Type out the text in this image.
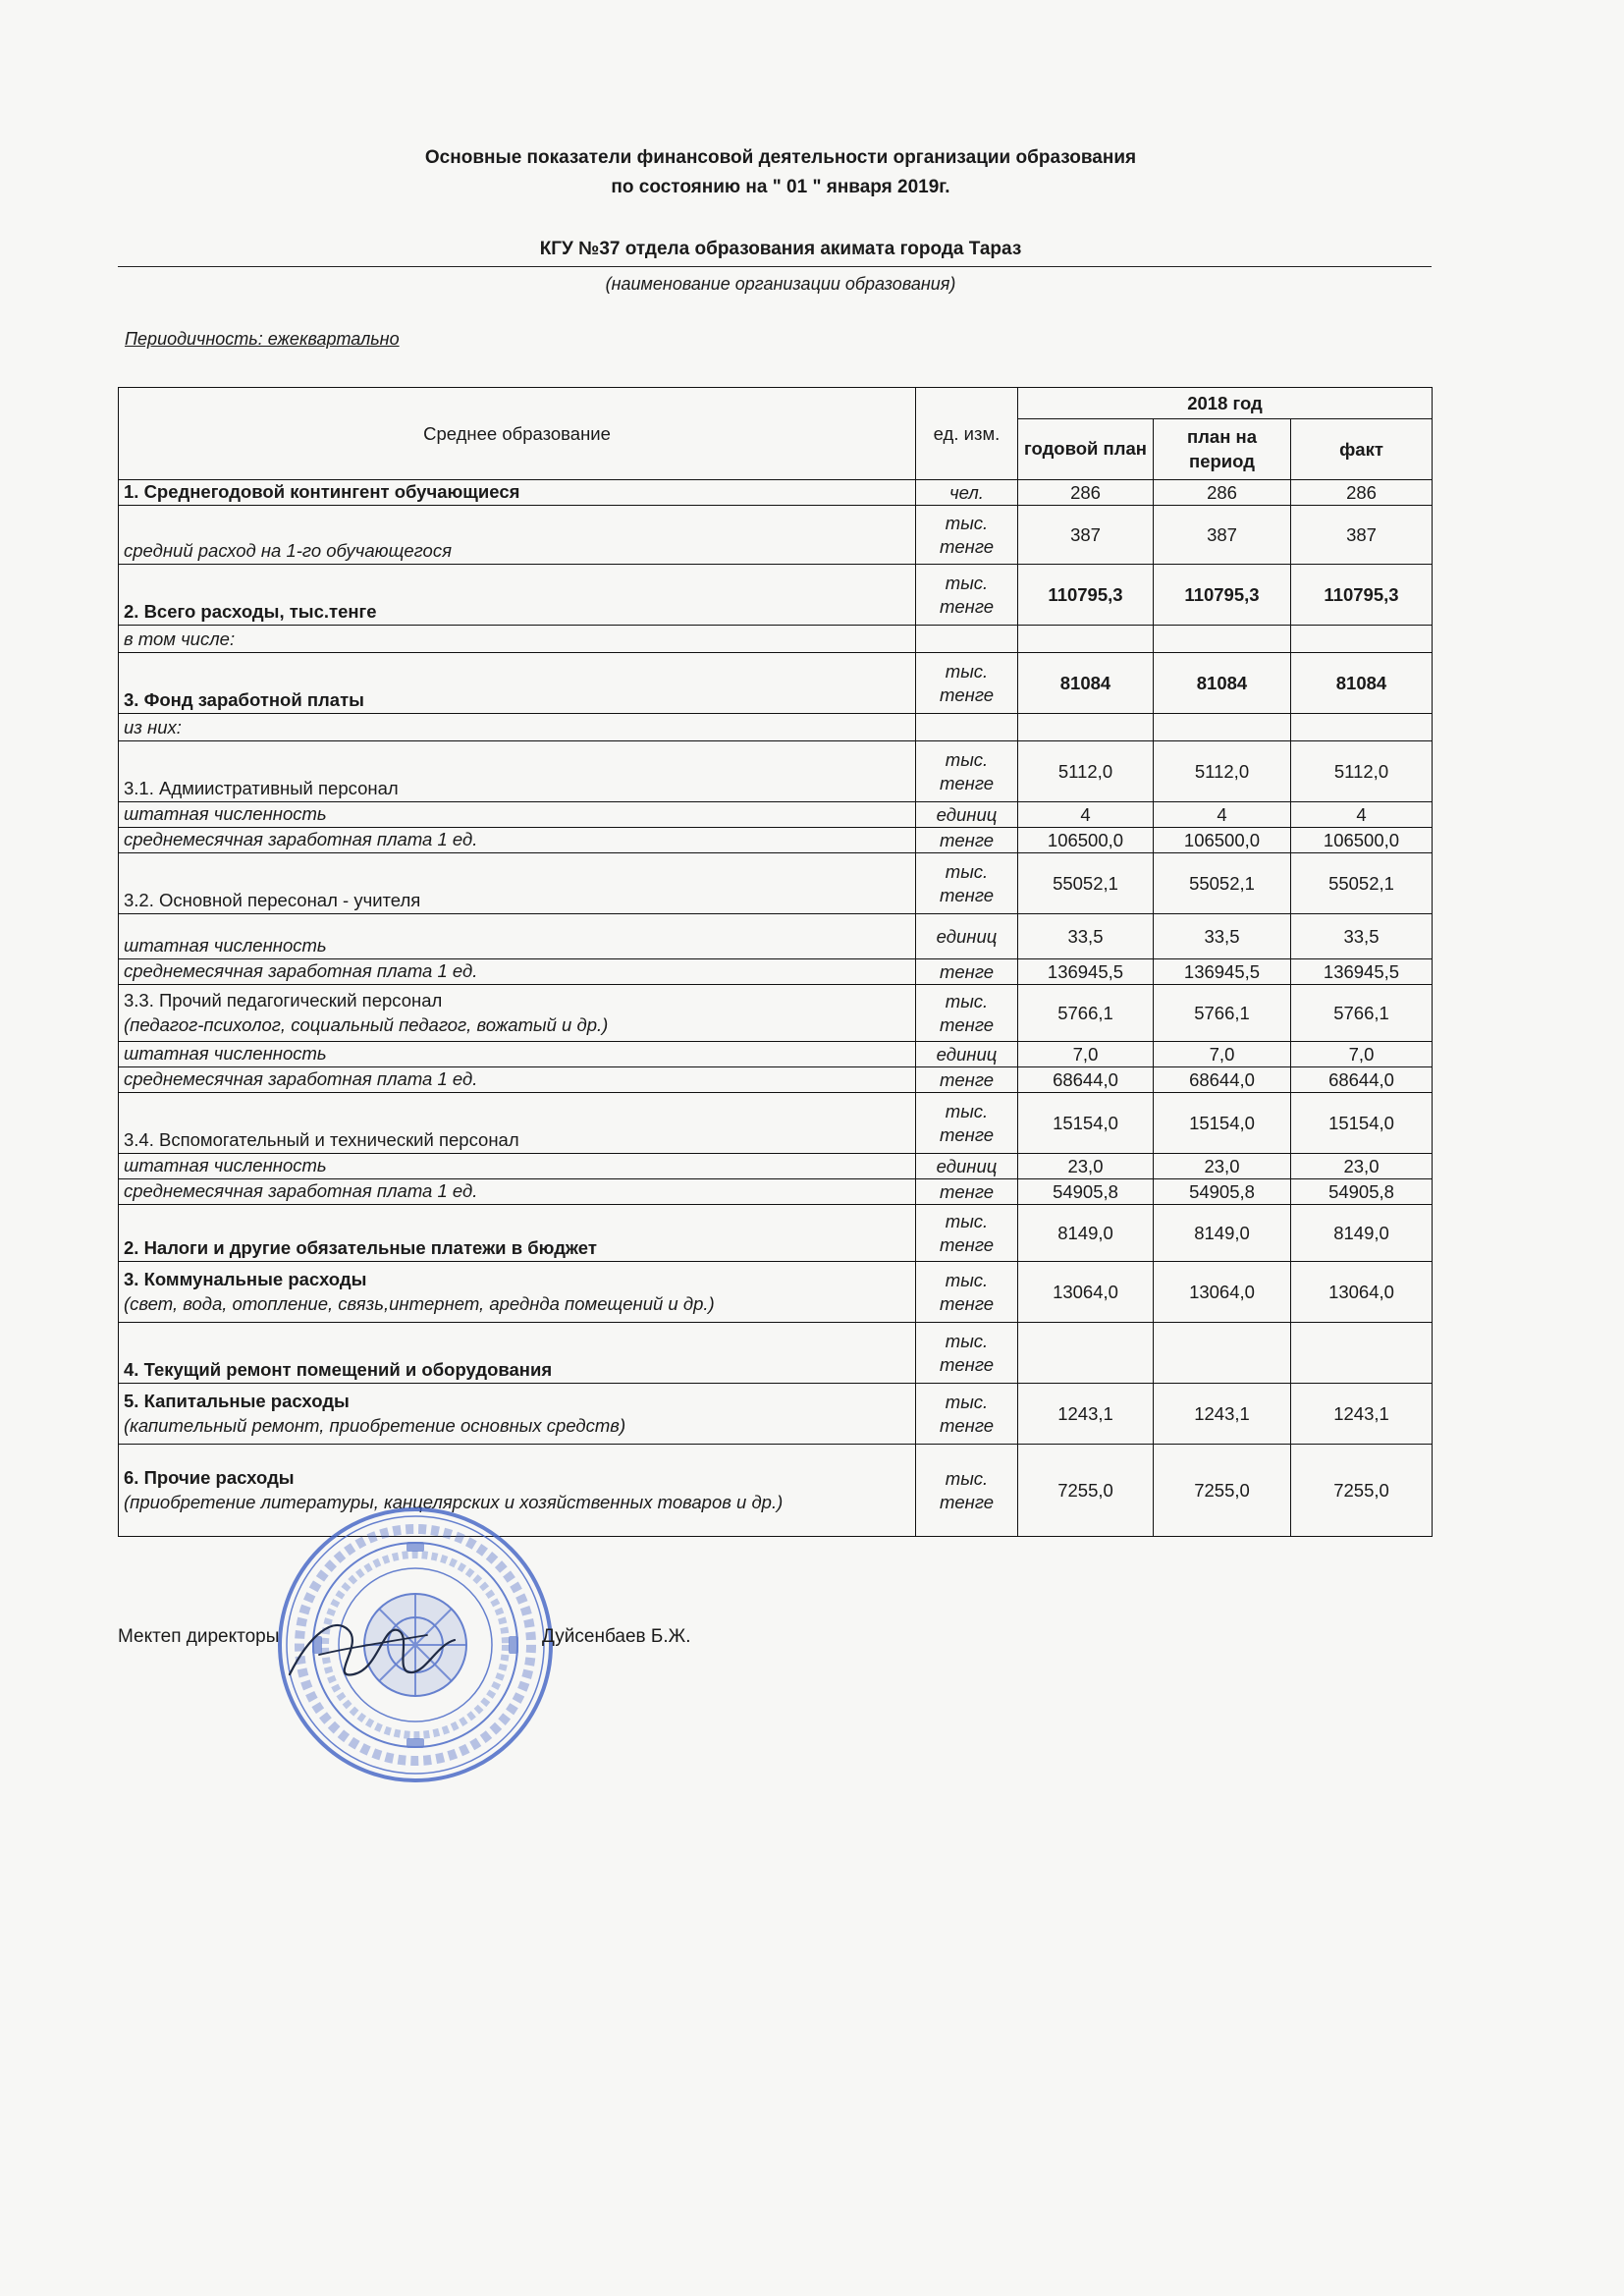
Основные показатели финансовой деятельности организации образования
по состоянию на " 01 " января 2019г.
КГУ №37 отдела образования акимата города Тараз
(наименование организации образования)
Периодичность: ежеквартально
Среднее образование	ед. изм.	2018 год		
		годовой план	план на период	факт
1. Среднегодовой контингент обучающиеся	чел.	286	286	286
средний расход на 1-го обучающегося	тыс. тенге	387	387	387
2. Всего расходы, тыс.тенге	тыс. тенге	110795,3	110795,3	110795,3
в том числе:				
3. Фонд заработной платы	тыс. тенге	81084	81084	81084
из них:				
3.1. Адмииcтративный персонал	тыс. тенге	5112,0	5112,0	5112,0
штатная численность	единиц	4	4	4
среднемесячная заработная плата 1 ед.	тенге	106500,0	106500,0	106500,0
3.2. Основной пересонал - учителя	тыс. тенге	55052,1	55052,1	55052,1
штатная численность	единиц	33,5	33,5	33,5
среднемесячная заработная плата 1 ед.	тенге	136945,5	136945,5	136945,5

3.3. Прочий педагогический персонал
(педагог-психолог, социальный педагог, вожатый и др.)	тыс. тенге	5766,1	5766,1	5766,1
штатная численность	единиц	7,0	7,0	7,0
среднемесячная заработная плата 1 ед.	тенге	68644,0	68644,0	68644,0
3.4. Вспомогательный и технический персонал	тыс. тенге	15154,0	15154,0	15154,0
штатная численность	единиц	23,0	23,0	23,0
среднемесячная заработная плата 1 ед.	тенге	54905,8	54905,8	54905,8
2. Налоги и другие обязательные платежи в бюджет	тыс. тенге	8149,0	8149,0	8149,0

3. Коммунальные расходы
(свет, вода, отопление, связь,интернет, ареднда помещений и др.)	тыс. тенге	13064,0	13064,0	13064,0
4. Текущий ремонт помещений и оборудования	тыс. тенге			

5. Капитальные расходы
(капитeльный ремонт, приобретение основных средств)	тыс. тенге	1243,1	1243,1	1243,1

6. Прочие расходы
(приобретение литературы, канцелярских и хозяйственных товаров и др.)	тыс. тенге	7255,0	7255,0	7255,0
Мектеп директоры	Дуйсенбаев Б.Ж.
